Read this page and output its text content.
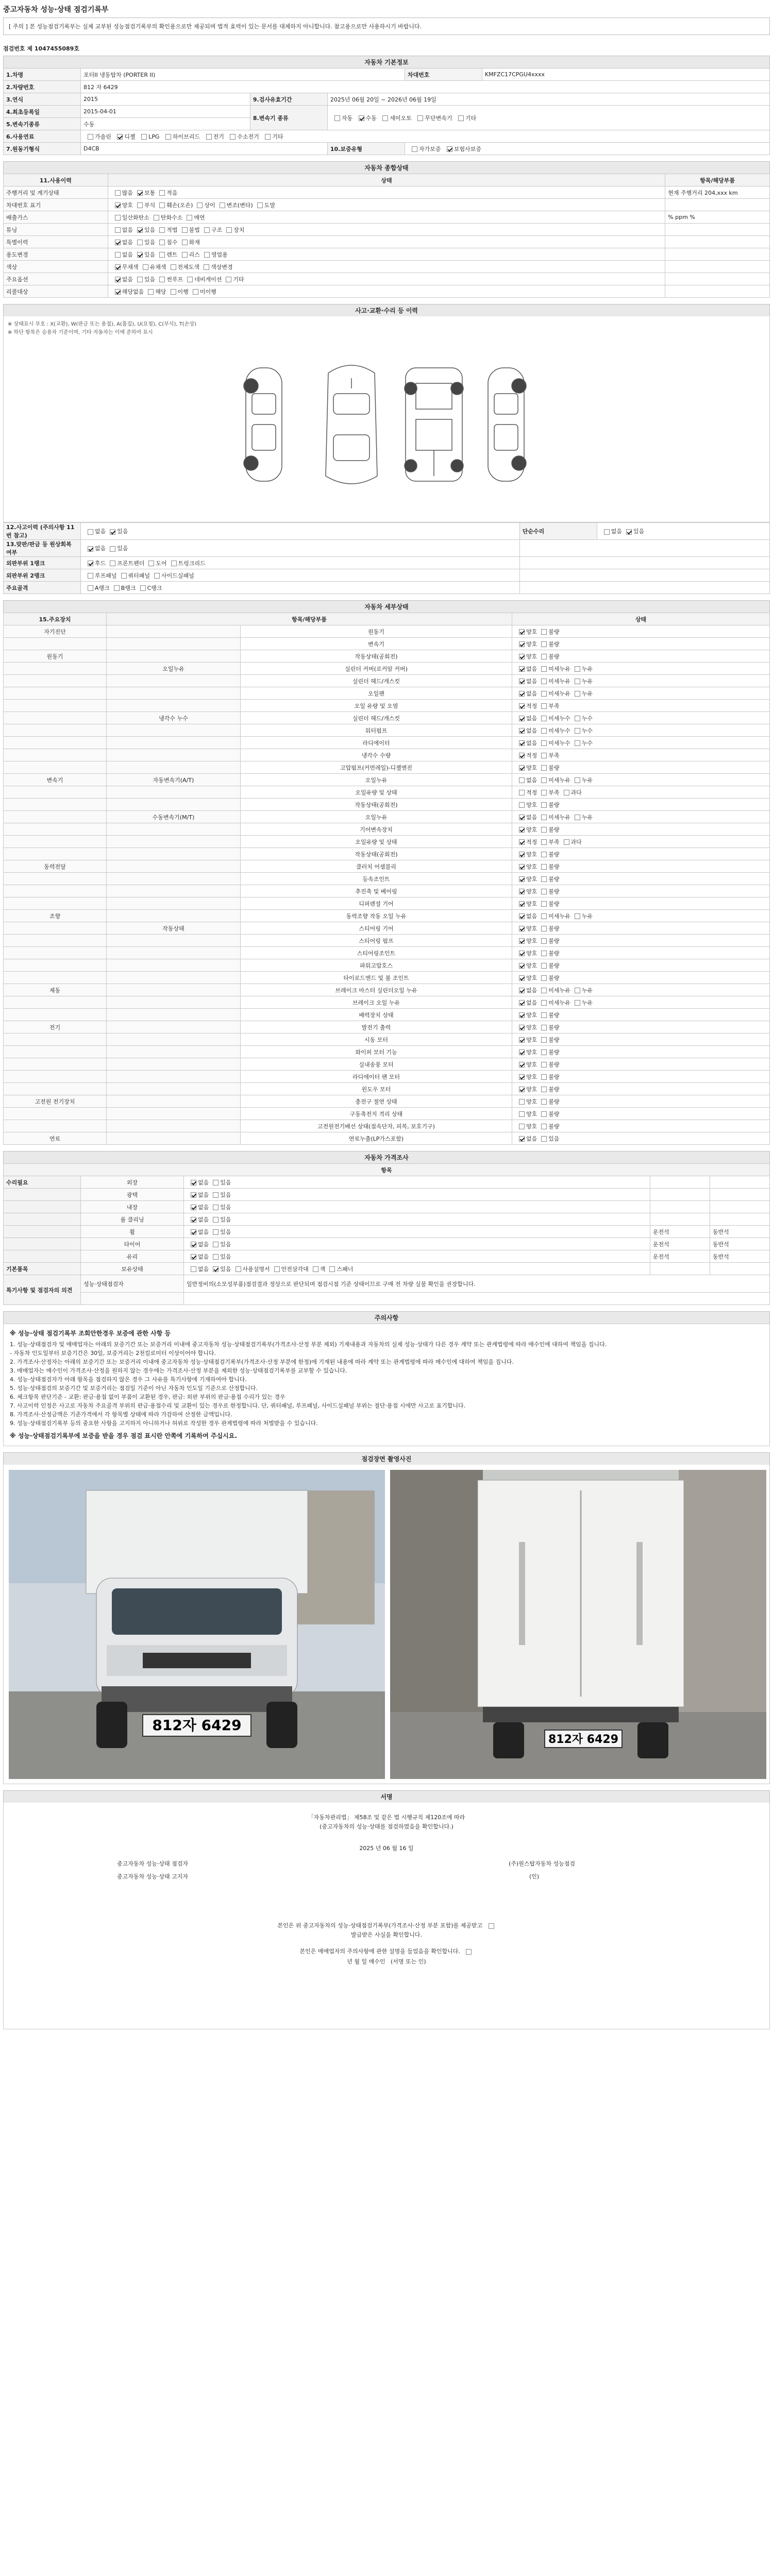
중고자동차 성능·상태 점검기록부
[ 주의 ] 본 성능점검기록부는 실제 교부된 성능점검기록부의 확인용으로만 제공되며 법적 효력이 있는 문서를 대체하지 아니합니다. 참고용으로만 사용하시기 바랍니다.
점검번호 제 1047455089호
자동차 기본정보
1.차명	포터II 냉동탑차 (PORTER II)			차대번호	KMFZC17CPGU4xxxx
2.차량번호	812 자 6429				
3.연식	2015	9.검사유효기간	2025년 06월 20일 ~ 2026년 06월 19일		
4.최초등록일	2015-04-01	8.변속기 종류	자동 수동 세미오토 무단변속기 기타		
5.변속기종류	수동				
6.사용연료	가솔린 디젤 LPG 하이브리드 전기 수소전기 기타				
7.원동기형식	D4CB		10.보증유형	자가보증 보험사보증	
자동차 종합상태
11.사용이력	상태	항목/해당부품
주행거리 및 계기상태	많음 보통 적음	현재 주행거리 204,xxx km
차대번호 표기	양호 부식 훼손(오손) 상이 변조(변타) 도말	
배출가스	일산화탄소 탄화수소 매연	% ppm %
튜닝	없음 있음 적법 불법 구조 장치	
특별이력	없음 있음 침수 화재	
용도변경	없음 있음 렌트 리스 영업용	
색상	무채색 유채색 전체도색 색상변경	
주요옵션	없음 있음 썬루프 네비게이션 기타	
리콜대상	해당없음 해당 이행 미이행	
사고·교환·수리 등 이력
※ 상태표시 부호 : X(교환), W(판금 또는 용접), A(흠집), U(요철), C(부식), T(손상)
※ 하단 항목은 승용차 기준이며, 기타 자동차는 이에 준하여 표시
12.사고이력 (주의사항 11번 참고)	없음 있음	단순수리	없음 있음
13.맞판/판금 등 원상회복 여부	없음 있음		
외판부위 1랭크	후드 프론트펜더 도어 트렁크리드		
외판부위 2랭크	루프패널 쿼터패널 사이드실패널		
주요골격	A랭크 B랭크 C랭크		
자동차 세부상태
15.주요장치	항목/해당부품		상태
자기진단		원동기	양호 불량
		변속기	양호 불량
원동기		작동상태(공회전)	양호 불량
	오일누유	실린더 커버(로커암 커버)	없음 미세누유 누유
		실린더 헤드/개스킷	없음 미세누유 누유
		오일팬	없음 미세누유 누유
		오일 유량 및 오염	적정 부족
	냉각수 누수	실린더 헤드/개스킷	없음 미세누수 누수
		워터펌프	없음 미세누수 누수
		라디에이터	없음 미세누수 누수
		냉각수 수량	적정 부족
		고압펌프(커먼레일)-디젤엔진	양호 불량
변속기	자동변속기(A/T)	오일누유	없음 미세누유 누유
		오일유량 및 상태	적정 부족 과다
		작동상태(공회전)	양호 불량
	수동변속기(M/T)	오일누유	없음 미세누유 누유
		기어변속장치	양호 불량
		오일유량 및 상태	적정 부족 과다
		작동상태(공회전)	양호 불량
동력전달		클러치 어셈블리	양호 불량
		등속조인트	양호 불량
		추진축 및 베어링	양호 불량
		디퍼렌셜 기어	양호 불량
조향		동력조향 작동 오일 누유	없음 미세누유 누유
	작동상태	스티어링 기어	양호 불량
		스티어링 펌프	양호 불량
		스티어링조인트	양호 불량
		파워고압호스	양호 불량
		타이로드엔드 및 볼 조인트	양호 불량
제동		브레이크 마스터 실린더오일 누유	없음 미세누유 누유
		브레이크 오일 누유	없음 미세누유 누유
		배력장치 상태	양호 불량
전기		발전기 출력	양호 불량
		시동 모터	양호 불량
		와이퍼 모터 기능	양호 불량
		실내송풍 모터	양호 불량
		라디에이터 팬 모터	양호 불량
		윈도우 모터	양호 불량
고전원 전기장치		충전구 절연 상태	양호 불량
		구동축전지 격리 상태	양호 불량
		고전원전기배선 상태(접속단자, 피복, 보호기구)	양호 불량
연료		연료누출(LP가스포함)	없음 있음
자동차 가격조사
항목				
수리필요	외장	없음 있음		
	광택	없음 있음		
	내장	없음 있음		
	룸 클리닝	없음 있음		
	휠	없음 있음	운전석	동반석
	타이어	없음 있음	운전석	동반석
	유리	없음 있음	운전석	동반석
기본품목	보유상태	없음 있음 사용설명서 안전삼각대 잭 스패너		
특기사항 및 점검자의 의견	성능·상태점검자	일반정비의(소모성부품)점검결과 정상으로 판단되며 점검시점 기준 상태이므로 구매 전 차량 실물 확인을 권장합니다.		

주의사항
※ 성능·상태 점검기록부 조회안한경우 보증에 관한 사항 등
1. 성능·상태점검자 및 매매업자는 아래의 보증기간 또는 보증거리 이내에 중고자동차 성능·상태점검기록부(가격조사·산정 부분 제외) 기재내용과 자동차의 실제 성능·상태가 다른 경우 계약 또는 관계법령에 따라 매수인에 대하여 책임을 집니다.
- 자동차 인도일부터 보증기간은 30일, 보증거리는 2천킬로미터 이상이어야 합니다.
2. 가격조사·산정자는 아래의 보증기간 또는 보증거리 이내에 중고자동차 성능·상태점검기록부(가격조사·산정 부분에 한정)에 기재된 내용에 따라 계약 또는 관계법령에 따라 매수인에 대하여 책임을 집니다.
3. 매매업자는 매수인이 가격조사·산정을 원하지 않는 경우에는 가격조사·산정 부분을 제외한 성능·상태점검기록부를 교부할 수 있습니다.
4. 성능·상태점검자가 아래 항목을 점검하지 않은 경우 그 사유를 특기사항에 기재하여야 합니다.
5. 성능·상태점검의 보증기간 및 보증거리는 점검일 기준이 아닌 자동차 인도일 기준으로 산정합니다.
6. 체크항목 판단기준 - 교환: 판금·용접 없이 부품이 교환된 경우, 판금: 외판 부위의 판금·용접 수리가 있는 경우
7. 사고이력 인정은 사고로 자동차 주요골격 부위의 판금·용접수리 및 교환이 있는 경우로 한정합니다. 단, 쿼터패널, 루프패널, 사이드실패널 부위는 절단·용접 시에만 사고로 표기합니다.
8. 가격조사·산정금액은 기준가격에서 각 항목별 상태에 따라 가감하여 산정한 금액입니다.
9. 성능·상태점검기록부 등의 중요한 사항을 고지하지 아니하거나 허위로 작성한 경우 관계법령에 따라 처벌받을 수 있습니다.
※ 성능·상태점검기록부에 보증을 받을 경우 점검 표시란 안쪽에 기록하여 주십시요.
점검장면 촬영사진
812자 6429
812자 6429
서명

「자동차관리법」 제58조 및 같은 법 시행규칙 제120조에 따라

(중고자동차의 성능·상태를 점검하였음을 확인합니다.)

2025 년 06 월 16 일

중고자동차 성능·상태 점검자	(주)원스탑자동차 성능점검

중고자동차 성능·상태 고지자	(인)

본인은 위 중고자동차의 성능·상태점검기록부(가격조사·산정 부분 포함)를 제공받고

발급받은 사실을 확인합니다.

본인은 매매업자의 주의사항에 관한 설명을 들었음을 확인합니다.

년 월 일 매수인 (서명 또는 인)
